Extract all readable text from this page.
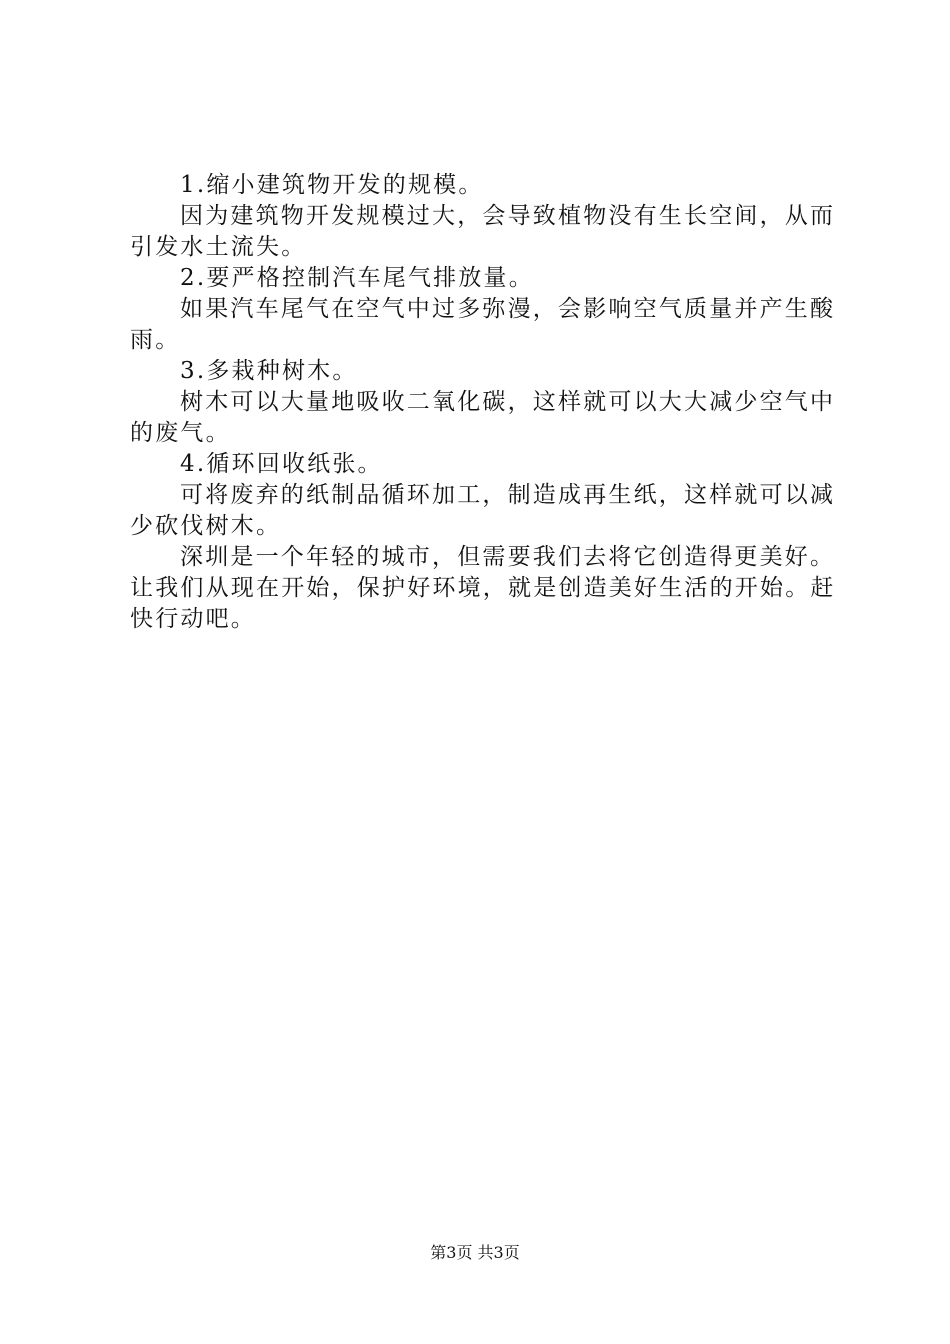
1.缩小建筑物开发的规模。

因为建筑物开发规模过大，会导致植物没有生长空间，从而引发水土流失。

2.要严格控制汽车尾气排放量。

如果汽车尾气在空气中过多弥漫，会影响空气质量并产生酸雨。

3.多栽种树木。

树木可以大量地吸收二氧化碳，这样就可以大大减少空气中的废气。

4.循环回收纸张。

可将废弃的纸制品循环加工，制造成再生纸，这样就可以减少砍伐树木。

深圳是一个年轻的城市，但需要我们去将它创造得更美好。让我们从现在开始，保护好环境，就是创造美好生活的开始。赶快行动吧。

第3页 共3页
